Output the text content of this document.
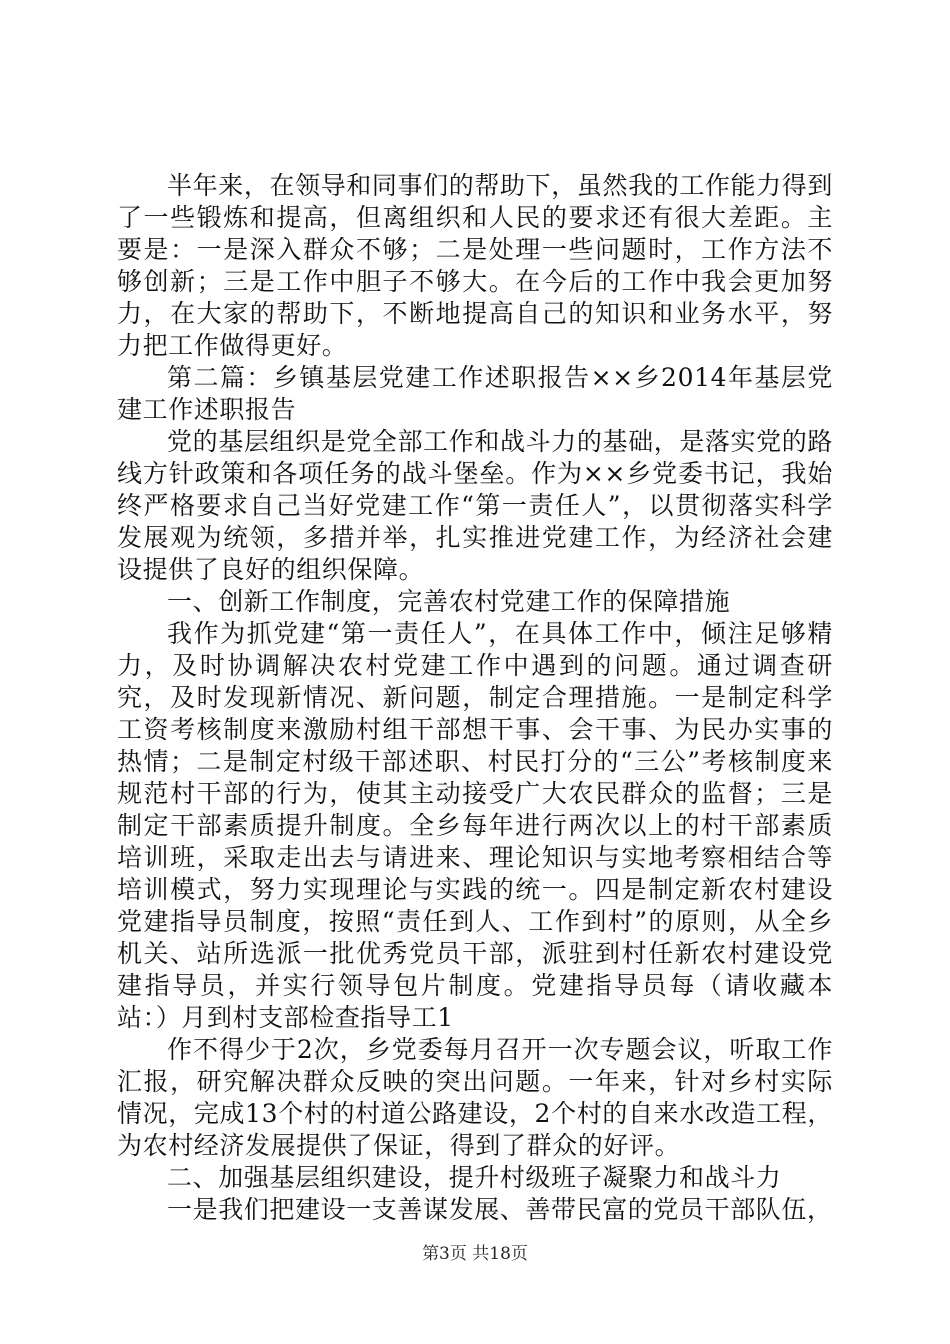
半年来，在领导和同事们的帮助下，虽然我的工作能力得到了一些锻炼和提高，但离组织和人民的要求还有很大差距。主要是：一是深入群众不够；二是处理一些问题时，工作方法不够创新；三是工作中胆子不够大。在今后的工作中我会更加努力，在大家的帮助下，不断地提高自己的知识和业务水平，努力把工作做得更好。

第二篇：乡镇基层党建工作述职报告××乡2014年基层党建工作述职报告

党的基层组织是党全部工作和战斗力的基础，是落实党的路线方针政策和各项任务的战斗堡垒。作为××乡党委书记，我始终严格要求自己当好党建工作“第一责任人”，以贯彻落实科学发展观为统领，多措并举，扎实推进党建工作，为经济社会建设提供了良好的组织保障。

一、创新工作制度，完善农村党建工作的保障措施

我作为抓党建“第一责任人”，在具体工作中，倾注足够精力，及时协调解决农村党建工作中遇到的问题。通过调查研究，及时发现新情况、新问题，制定合理措施。一是制定科学工资考核制度来激励村组干部想干事、会干事、为民办实事的热情；二是制定村级干部述职、村民打分的“三公”考核制度来规范村干部的行为，使其主动接受广大农民群众的监督；三是制定干部素质提升制度。全乡每年进行两次以上的村干部素质培训班，采取走出去与请进来、理论知识与实地考察相结合等培训模式，努力实现理论与实践的统一。四是制定新农村建设党建指导员制度，按照“责任到人、工作到村”的原则，从全乡机关、站所选派一批优秀党员干部，派驻到村任新农村建设党建指导员，并实行领导包片制度。党建指导员每（请收藏本站：）月到村支部检查指导工1

作不得少于2次，乡党委每月召开一次专题会议，听取工作汇报，研究解决群众反映的突出问题。一年来，针对乡村实际情况，完成13个村的村道公路建设，2个村的自来水改造工程，为农村经济发展提供了保证，得到了群众的好评。

二、加强基层组织建设，提升村级班子凝聚力和战斗力

一是我们把建设一支善谋发展、善带民富的党员干部队伍，

第3页 共18页
